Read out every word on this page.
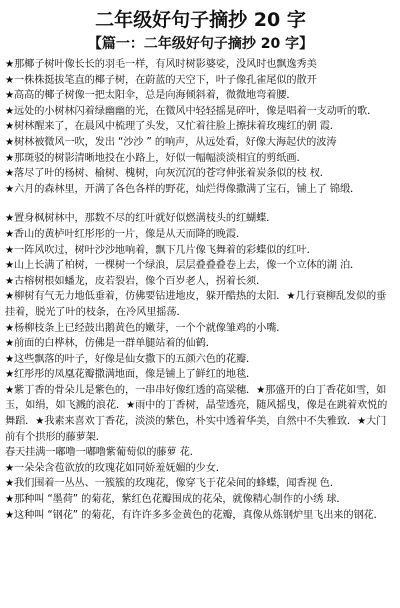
二年级好句子摘抄 20 字
【篇一：二年级好句子摘抄 20 字】

★那椰子树叶像长长的羽毛一样，有风时树影婆娑，没风时也飘逸秀美

★一株株挺拔笔直的椰子树，在蔚蓝的天空下，叶子像孔雀尾似的散开

★高高的椰子树像一把太阳伞，总是向海倾斜着，微微地弯着腰．

★远处的小树林闪着绿幽幽的光，在微风中轻轻摇晃碎叶，像是唱着一支动听的歌．

★树林醒来了，在晨风中梳理了头发，又忙着往脸上擦抹着玫瑰红的朝 霞．

★树林被微风一吹，发出 “沙沙 ” 的响声，从远处看，好像大海起伏的波涛

★那斑驳的树影清晰地投在小路上，好似一幅幅淡淡相宜的剪纸画．

★落尽了叶的杨树、榆树、槐树，向灰沉沉的苍穹伸张着炭条似的枝 杈．

★六月的森林里，开满了各色各样的野花，灿烂得像撒满了宝石，铺上了 锦缎．

★置身枫树林中，那数不尽的红叶就好似燃满枝头的红蝴蝶．

★香山的黄栌叶红彤彤的一片，像是从天而降的晚霞．

★一阵风吹过，树叶沙沙地响着，飘下几片像飞舞着的彩蝶似的红叶．

★山上长满了柏树，一棵树一个绿浪，层层叠叠叠卷上去，像一个立体的湖 泊．

★古榕树根如蟠龙，皮若裂岩，像个百岁老人，拐着长须．

★柳树有气无力地低垂着，仿佛要钻进地皮，躲开酷热的太阳．★几行衰柳乱发似的垂挂着，脱光了叶的枝条，在冷风里摇荡．

★杨柳枝条上已经鼓出鹅黄色的嫩芽，一个个就像雏鸡的小嘴．

★前面的白桦林，仿佛是一群单腿站着的仙鹤．

★这些飘落的叶子，好像是仙女撒下的五颜六色的花瓣．

★红彤彤的凤凰花瓣撒满地面，像是铺上了鲜红的地毯．

★紫丁香的骨朵儿是紫色的，一串串好像红透的高粱穗．★那盛开的白丁香花如雪，如玉，如绢，如飞溅的浪花．★雨中的丁香树，晶莹透亮，随风摇曳，像是在跳着欢悦的舞蹈．★我素来喜欢丁香花，淡淡的紫色，朴实中透着华美，自然中不失雅致．★大门前有个拱形的藤萝架．

春天挂满一嘟噜一嘟噜紫葡萄似的藤萝 花．

★一朵朵含苞欲放的玫瑰花如同娇羞妩媚的少女．

★我们围着一丛丛、一簇簇的玫瑰花，像穿飞于花朵间的蜂蝶，闻香视 色．

★那种叫 “墨荷” 的菊花，紫红色花瓣围成的花朵，就像精心制作的小绣 球．

★这种叫 “钢花” 的菊花，有许许多多金黄色的花瓣，真像从炼钢炉里飞出来的钢花．
